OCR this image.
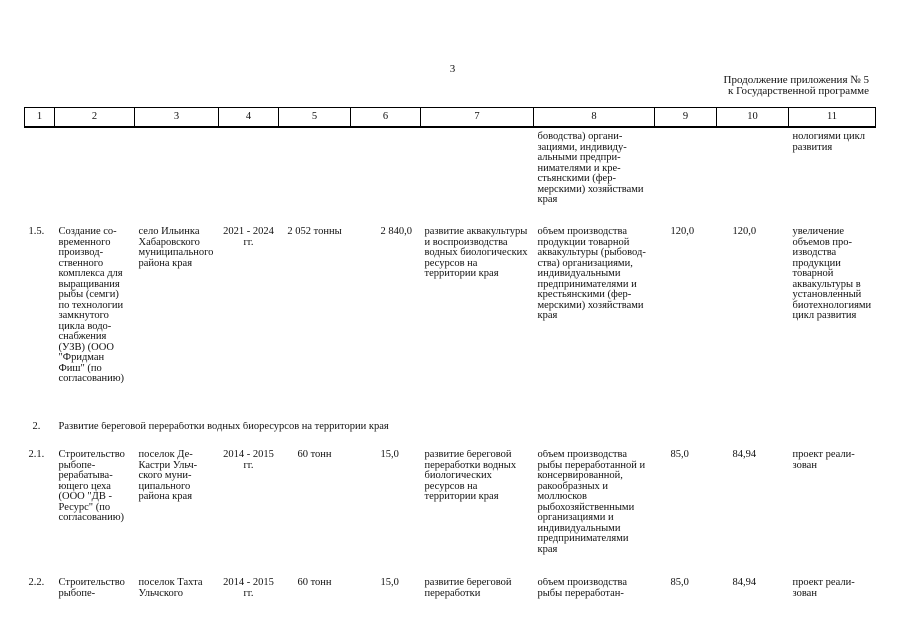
3
Продолжение приложения № 5
к Государственной программе
1	2	3	4	5	6	7	8	9	10	11
							боводства) организациями, индивидуальными предпринимателями и крестьянскими (фермерскими) хозяйствами края			нологиями цикл развития
1.5.	Создание современного производственного комплекса для выращивания рыбы (семги) по технологии замкнутого цикла водоснабжения (УЗВ) (ООО "Фридман Фиш" (по согласованию)	село Ильинка Хабаровского муниципального района края	2021 - 2024 гг.	2 052 тонны	2 840,0	развитие аквакультуры и воспроизводства водных биологических ресурсов на территории края	объем производства продукции товарной аквакультуры (рыбоводства) организациями, индивидуальными предпринимателями и крестьянскими (фермерскими) хозяйствами края	120,0	120,0	увеличение объемов производства продукции товарной аквакультуры в установленный биотехнологиями цикл развития
2.	Развитие береговой переработки водных биоресурсов на территории края									
2.1.	Строительство рыбоперерабатывающего цеха (ООО "ДВ - Ресурс" (по согласованию)	поселок Де-Кастри Ульчского муниципального района края	2014 - 2015 гг.	60 тонн	15,0	развитие береговой переработки водных биологических ресурсов на территории края	объем производства рыбы переработанной и консервированной, ракообразных и моллюсков рыбохозяйственными организациями и индивидуальными предпринимателями края	85,0	84,94	проект реализован
2.2.	Строительство рыбопе-	поселок Тахта Ульчского	2014 - 2015 гг.	60 тонн	15,0	развитие береговой переработки	объем производства рыбы переработан-	85,0	84,94	проект реализован
